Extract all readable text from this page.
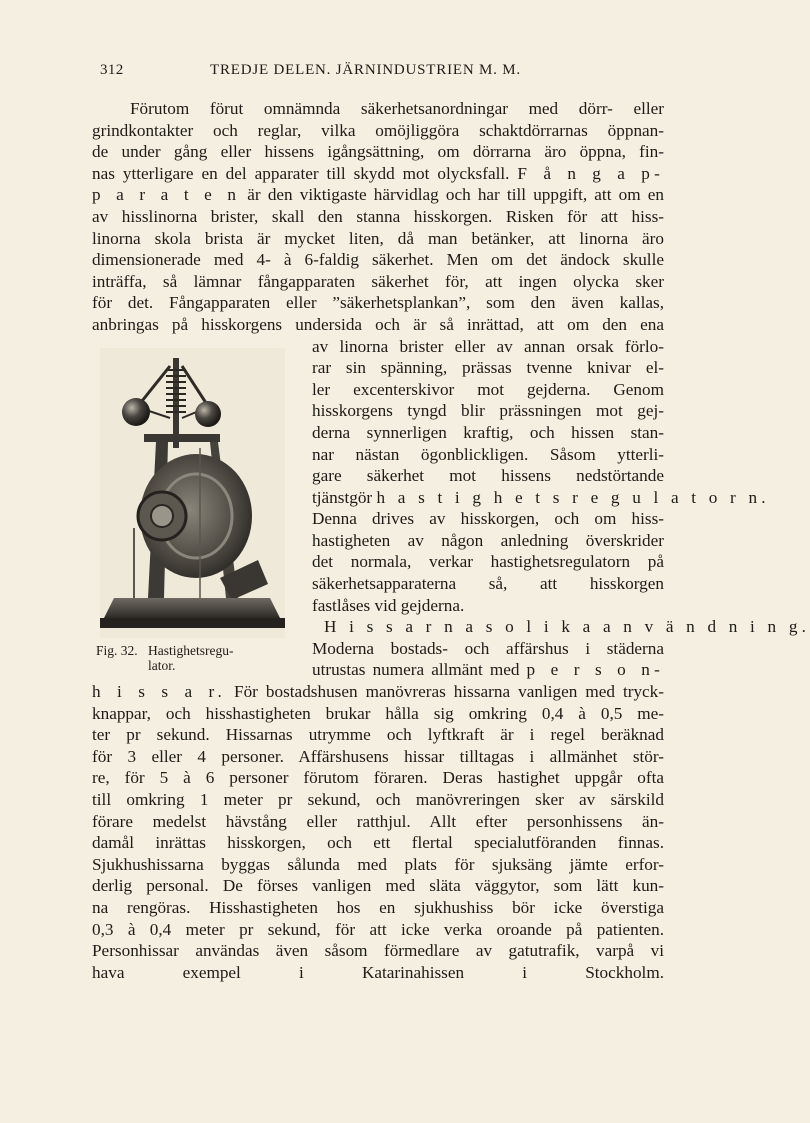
312	TREDJE DELEN. JÄRNINDUSTRIEN M. M.
Förutom förut omnämnda säkerhetsanordningar med dörr- eller
grindkontakter och reglar, vilka omöjliggöra schaktdörrarnas öppnan-
de under gång eller hissens igångsättning, om dörrarna äro öppna, fin-
nas ytterligare en del apparater till skydd mot olycksfall. F å n g a p-
p a r a t e n är den viktigaste härvidlag och har till uppgift, att om en
av hisslinorna brister, skall den stanna hisskorgen. Risken för att hiss-
linorna skola brista är mycket liten, då man betänker, att linorna äro
dimensionerade med 4- à 6-faldig säkerhet. Men om det ändock skulle
inträffa, så lämnar fångapparaten säkerhet för, att ingen olycka sker
för det. Fångapparaten eller ”säkerhetsplankan”, som den även kallas,
anbringas på hisskorgens undersida och är så inrättad, att om den ena
av linorna brister eller av annan orsak förlo-
rar sin spänning, prässas tvenne knivar el-
ler excenterskivor mot gejderna. Genom
hisskorgens tyngd blir prässningen mot gej-
derna synnerligen kraftig, och hissen stan-
nar nästan ögonblickligen. Såsom ytterli-
gare säkerhet mot hissens nedstörtande
tjänstgör h a s t i g h e t s r e g u l a t o r n.
Denna drives av hisskorgen, och om hiss-
hastigheten av någon anledning överskrider
det normala, verkar hastighetsregulatorn på
säkerhetsapparaterna så, att hisskorgen
fastlåses vid gejderna.
H i s s a r n a s o l i k a a n v ä n d n i n g.
Moderna bostads- och affärshus i städerna
utrustas numera allmänt med p e r s o n-
h i s s a r. För bostadshusen manövreras hissarna vanligen med tryck-
knappar, och hisshastigheten brukar hålla sig omkring 0,4 à 0,5 me-
ter pr sekund. Hissarnas utrymme och lyftkraft är i regel beräknad
för 3 eller 4 personer. Affärshusens hissar tilltagas i allmänhet stör-
re, för 5 à 6 personer förutom föraren. Deras hastighet uppgår ofta
till omkring 1 meter pr sekund, och manövreringen sker av särskild
förare medelst hävstång eller ratthjul. Allt efter personhissens än-
damål inrättas hisskorgen, och ett flertal specialutföranden finnas.
Sjukhushissarna byggas sålunda med plats för sjuksäng jämte erfor-
derlig personal. De förses vanligen med släta väggytor, som lätt kun-
na rengöras. Hisshastigheten hos en sjukhushiss bör icke överstiga
0,3 à 0,4 meter pr sekund, för att icke verka oroande på patienten.
Personhissar användas även såsom förmedlare av gatutrafik, varpå vi
hava exempel i Katarinahissen i Stockholm.
Fig. 32. Hastighetsregu-
lator.
